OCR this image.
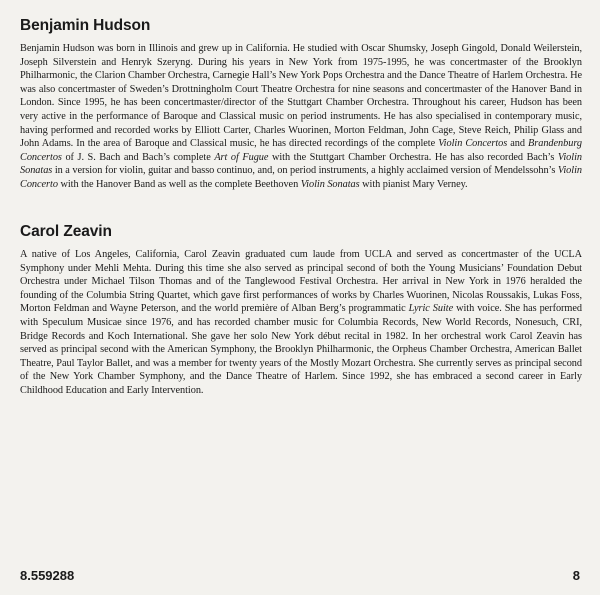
Benjamin Hudson

Benjamin Hudson was born in Illinois and grew up in California. He studied with Oscar Shumsky, Joseph Gingold, Donald Weilerstein, Joseph Silverstein and Henryk Szeryng. During his years in New York from 1975-1995, he was concertmaster of the Brooklyn Philharmonic, the Clarion Chamber Orchestra, Carnegie Hall’s New York Pops Orchestra and the Dance Theatre of Harlem Orchestra. He was also concertmaster of Sweden’s Drottningholm Court Theatre Orchestra for nine seasons and concertmaster of the Hanover Band in London. Since 1995, he has been concertmaster/director of the Stuttgart Chamber Orchestra. Throughout his career, Hudson has been very active in the performance of Baroque and Classical music on period instruments. He has also specialised in contemporary music, having performed and recorded works by Elliott Carter, Charles Wuorinen, Morton Feldman, John Cage, Steve Reich, Philip Glass and John Adams. In the area of Baroque and Classical music, he has directed recordings of the complete Violin Concertos and Brandenburg Concertos of J. S. Bach and Bach’s complete Art of Fugue with the Stuttgart Chamber Orchestra. He has also recorded Bach’s Violin Sonatas in a version for violin, guitar and basso continuo, and, on period instruments, a highly acclaimed version of Mendelssohn’s Violin Concerto with the Hanover Band as well as the complete Beethoven Violin Sonatas with pianist Mary Verney.

Carol Zeavin

A native of Los Angeles, California, Carol Zeavin graduated cum laude from UCLA and served as concertmaster of the UCLA Symphony under Mehli Mehta. During this time she also served as principal second of both the Young Musicians’ Foundation Debut Orchestra under Michael Tilson Thomas and of the Tanglewood Festival Orchestra. Her arrival in New York in 1976 heralded the founding of the Columbia String Quartet, which gave first performances of works by Charles Wuorinen, Nicolas Roussakis, Lukas Foss, Morton Feldman and Wayne Peterson, and the world première of Alban Berg’s programmatic Lyric Suite with voice. She has performed with Speculum Musicae since 1976, and has recorded chamber music for Columbia Records, New World Records, Nonesuch, CRI, Bridge Records and Koch International. She gave her solo New York début recital in 1982. In her orchestral work Carol Zeavin has served as principal second with the American Symphony, the Brooklyn Philharmonic, the Orpheus Chamber Orchestra, American Ballet Theatre, Paul Taylor Ballet, and was a member for twenty years of the Mostly Mozart Orchestra. She currently serves as principal second of the New York Chamber Symphony, and the Dance Theatre of Harlem. Since 1992, she has embraced a second career in Early Childhood Education and Early Intervention.

8.559288	8
